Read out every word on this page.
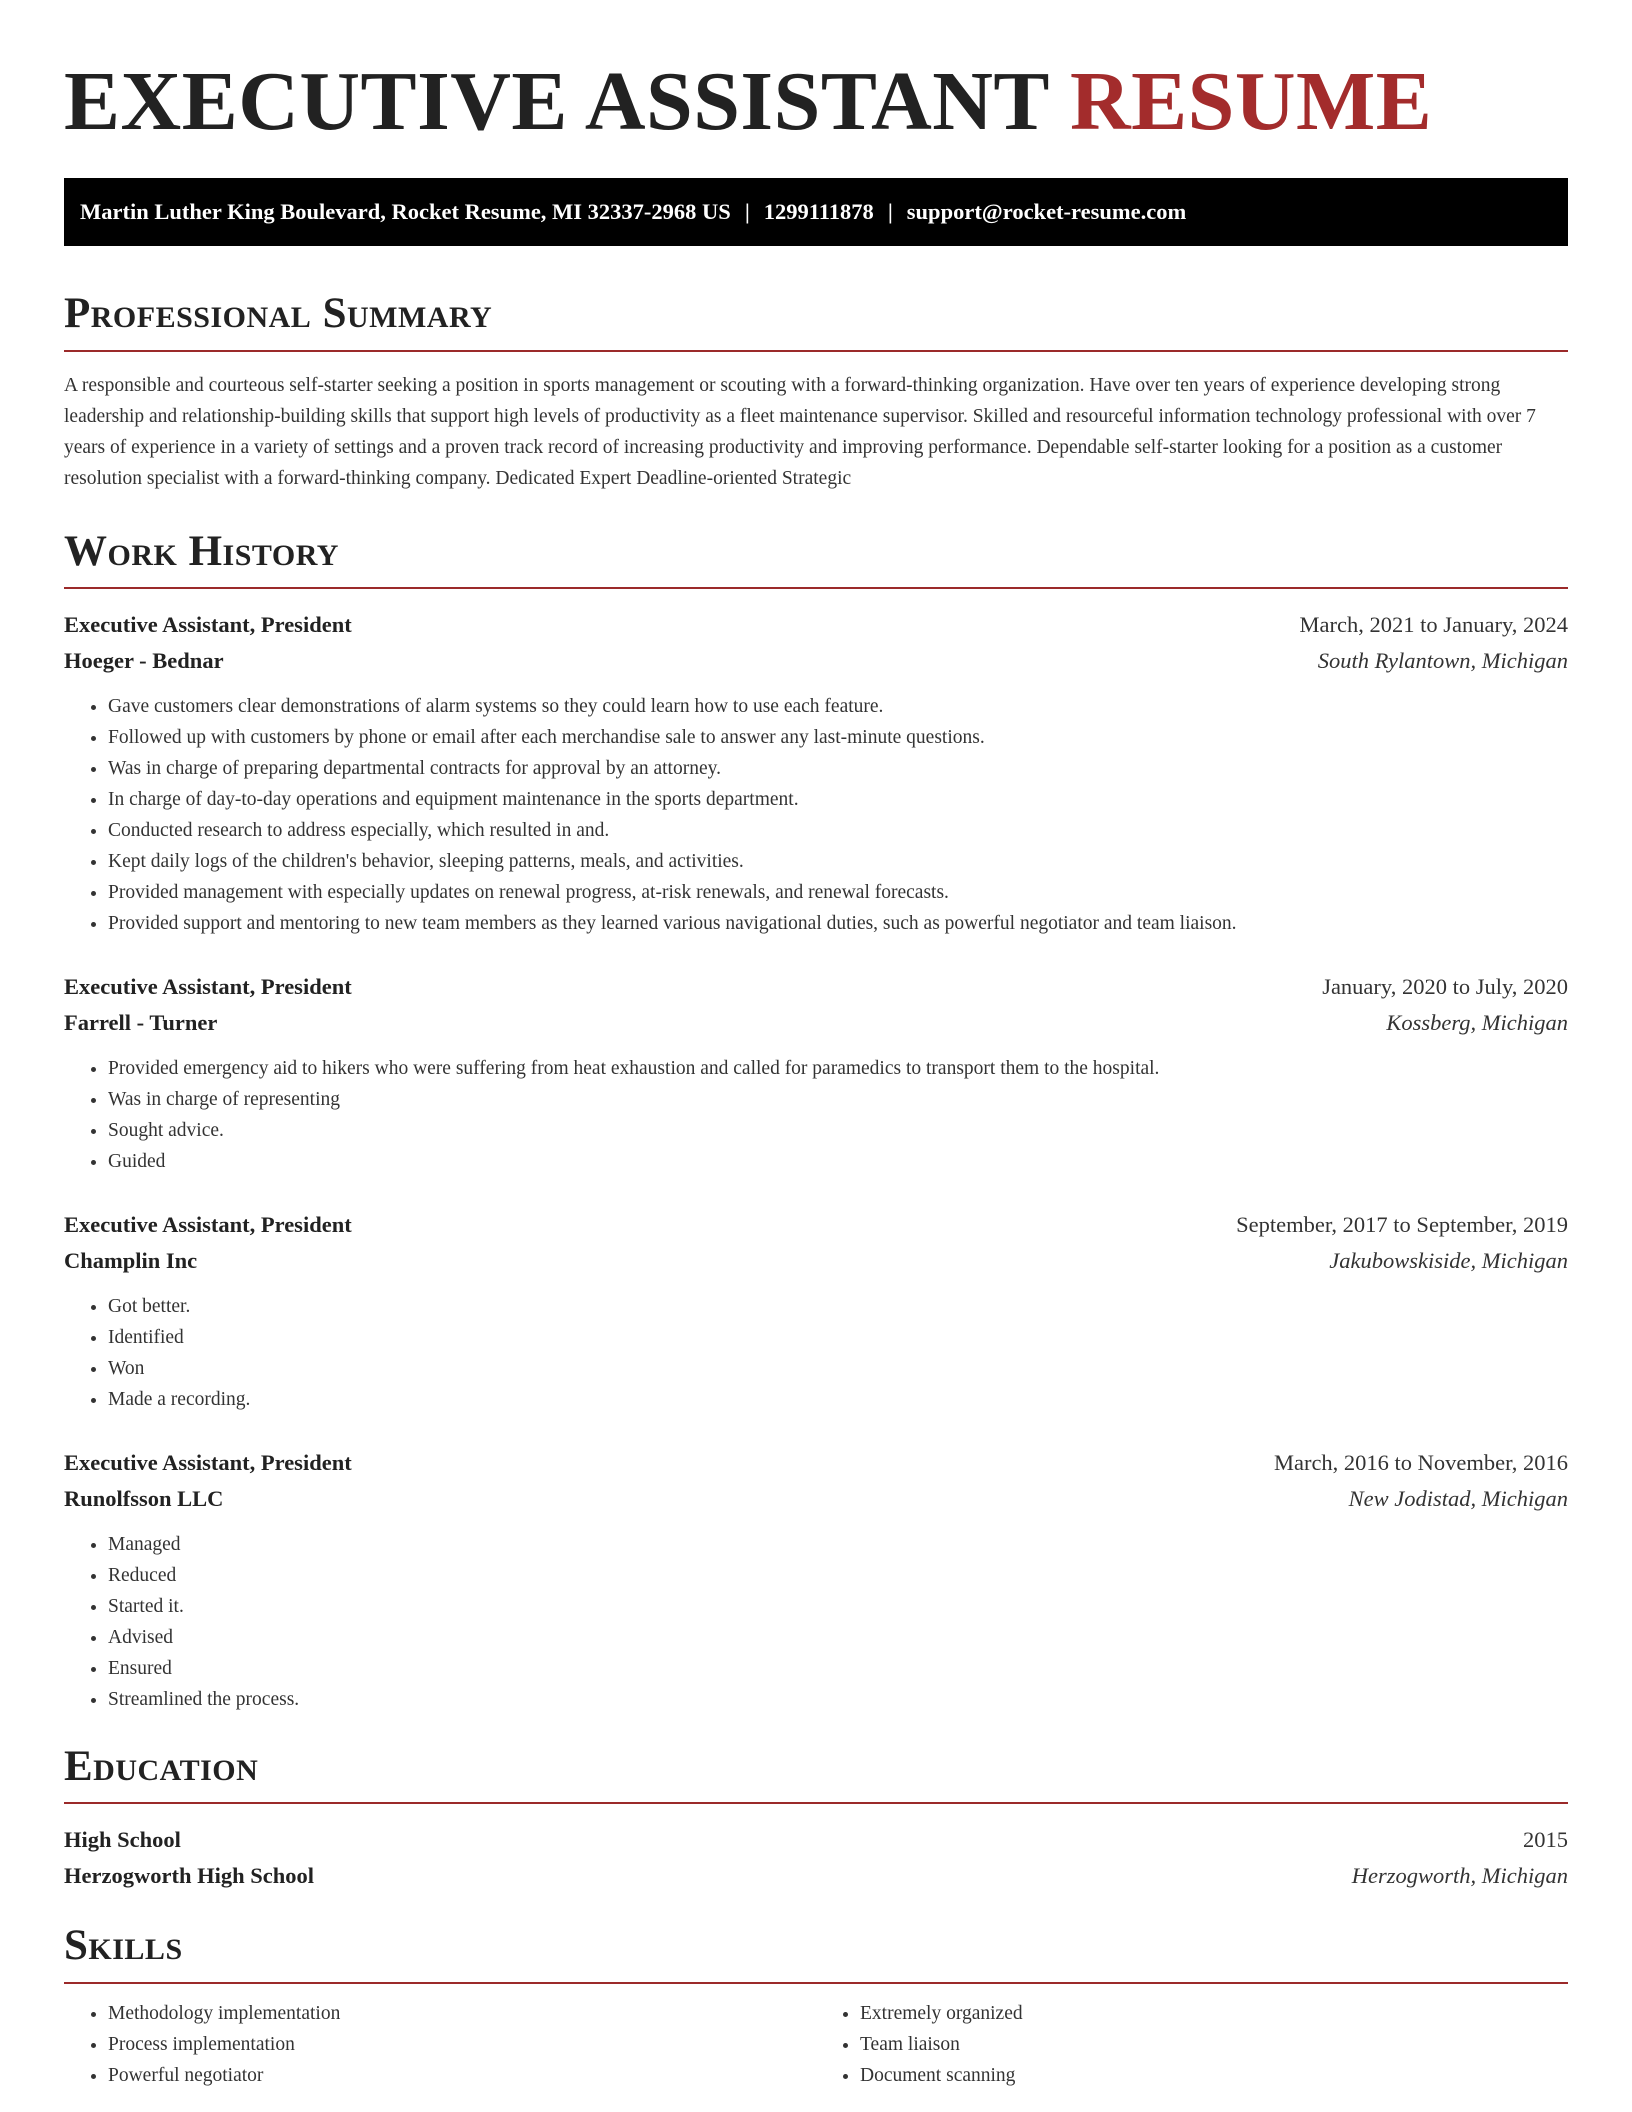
EXECUTIVE ASSISTANT RESUME
Martin Luther King Boulevard, Rocket Resume, MI 32337-2968 US | 1299111878 | support@rocket-resume.com
Professional Summary

A responsible and courteous self-starter seeking a position in sports management or scouting with a forward-thinking organization. Have over ten years of experience developing strong leadership and relationship-building skills that support high levels of productivity as a fleet maintenance supervisor. Skilled and resourceful information technology professional with over 7 years of experience in a variety of settings and a proven track record of increasing productivity and improving performance. Dependable self-starter looking for a position as a customer resolution specialist with a forward-thinking company. Dedicated Expert Deadline-oriented Strategic

Work History
Executive Assistant, President	March, 2021 to January, 2024
Hoeger - Bednar	South Rylantown, Michigan
• Gave customers clear demonstrations of alarm systems so they could learn how to use each feature.
• Followed up with customers by phone or email after each merchandise sale to answer any last-minute questions.
• Was in charge of preparing departmental contracts for approval by an attorney.
• In charge of day-to-day operations and equipment maintenance in the sports department.
• Conducted research to address especially, which resulted in and.
• Kept daily logs of the children's behavior, sleeping patterns, meals, and activities.
• Provided management with especially updates on renewal progress, at-risk renewals, and renewal forecasts.
• Provided support and mentoring to new team members as they learned various navigational duties, such as powerful negotiator and team liaison.
Executive Assistant, President	January, 2020 to July, 2020
Farrell - Turner	Kossberg, Michigan
• Provided emergency aid to hikers who were suffering from heat exhaustion and called for paramedics to transport them to the hospital.
• Was in charge of representing
• Sought advice.
• Guided
Executive Assistant, President	September, 2017 to September, 2019
Champlin Inc	Jakubowskiside, Michigan
• Got better.
• Identified
• Won
• Made a recording.
Executive Assistant, President	March, 2016 to November, 2016
Runolfsson LLC	New Jodistad, Michigan
• Managed
• Reduced
• Started it.
• Advised
• Ensured
• Streamlined the process.
Education
High School	2015
Herzogworth High School	Herzogworth, Michigan
Skills
• Methodology implementation
• Process implementation
• Powerful negotiator
• Extremely organized
• Team liaison
• Document scanning
